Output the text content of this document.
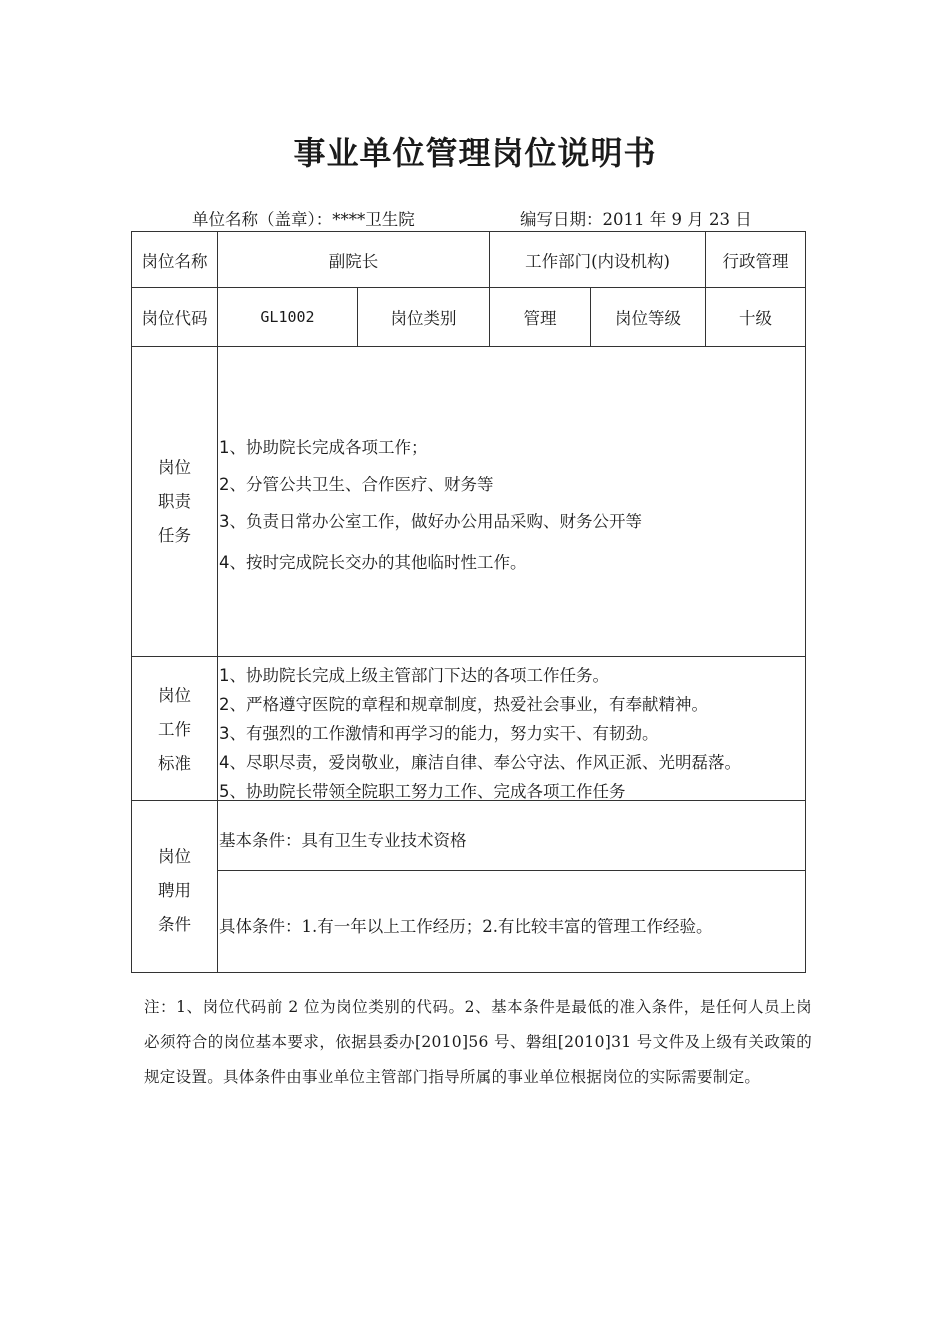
事业单位管理岗位说明书
单位名称（盖章）：****卫生院	编写日期：2011 年 9 月 23 日
岗位名称	副院长	工作部门(内设机构)	行政管理
岗位代码	GL1002	岗位类别	管理	岗位等级	十级
岗位
职责
任务
1、协助院长完成各项工作；
2、分管公共卫生、合作医疗、财务等
3、负责日常办公室工作，做好办公用品采购、财务公开等
4、按时完成院长交办的其他临时性工作。
岗位
工作
标准
1、协助院长完成上级主管部门下达的各项工作任务。
2、严格遵守医院的章程和规章制度，热爱社会事业，有奉献精神。
3、有强烈的工作激情和再学习的能力，努力实干、有韧劲。
4、尽职尽责，爱岗敬业，廉洁自律、奉公守法、作风正派、光明磊落。
5、协助院长带领全院职工努力工作、完成各项工作任务
岗位
聘用
条件
基本条件：具有卫生专业技术资格
具体条件：1.有一年以上工作经历；2.有比较丰富的管理工作经验。
注：1、岗位代码前 2 位为岗位类别的代码。2、基本条件是最低的准入条件，是任何人员上岗必须符合的岗位基本要求，依据县委办[2010]56 号、磐组[2010]31 号文件及上级有关政策的规定设置。具体条件由事业单位主管部门指导所属的事业单位根据岗位的实际需要制定。
